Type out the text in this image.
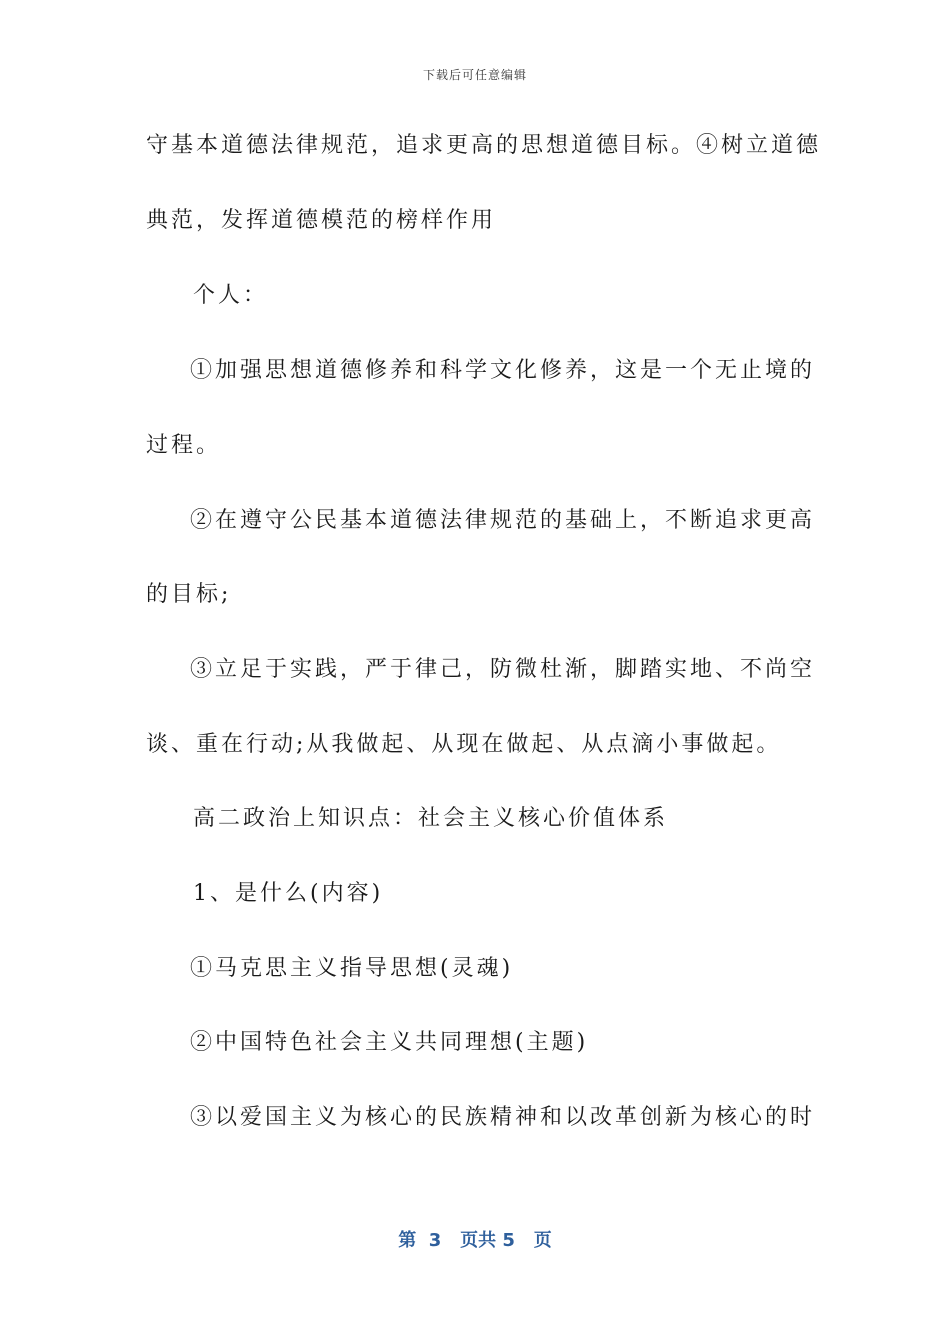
下载后可任意编辑
守基本道德法律规范，追求更高的思想道德目标。④树立道德
典范，发挥道德模范的榜样作用
个人：
①加强思想道德修养和科学文化修养，这是一个无止境的
过程。
②在遵守公民基本道德法律规范的基础上，不断追求更高
的目标;
③立足于实践，严于律己，防微杜渐，脚踏实地、不尚空
谈、重在行动;从我做起、从现在做起、从点滴小事做起。
高二政治上知识点：社会主义核心价值体系
1、是什么(内容)
①马克思主义指导思想(灵魂)
②中国特色社会主义共同理想(主题)
③以爱国主义为核心的民族精神和以改革创新为核心的时
第  3   页共 5   页
